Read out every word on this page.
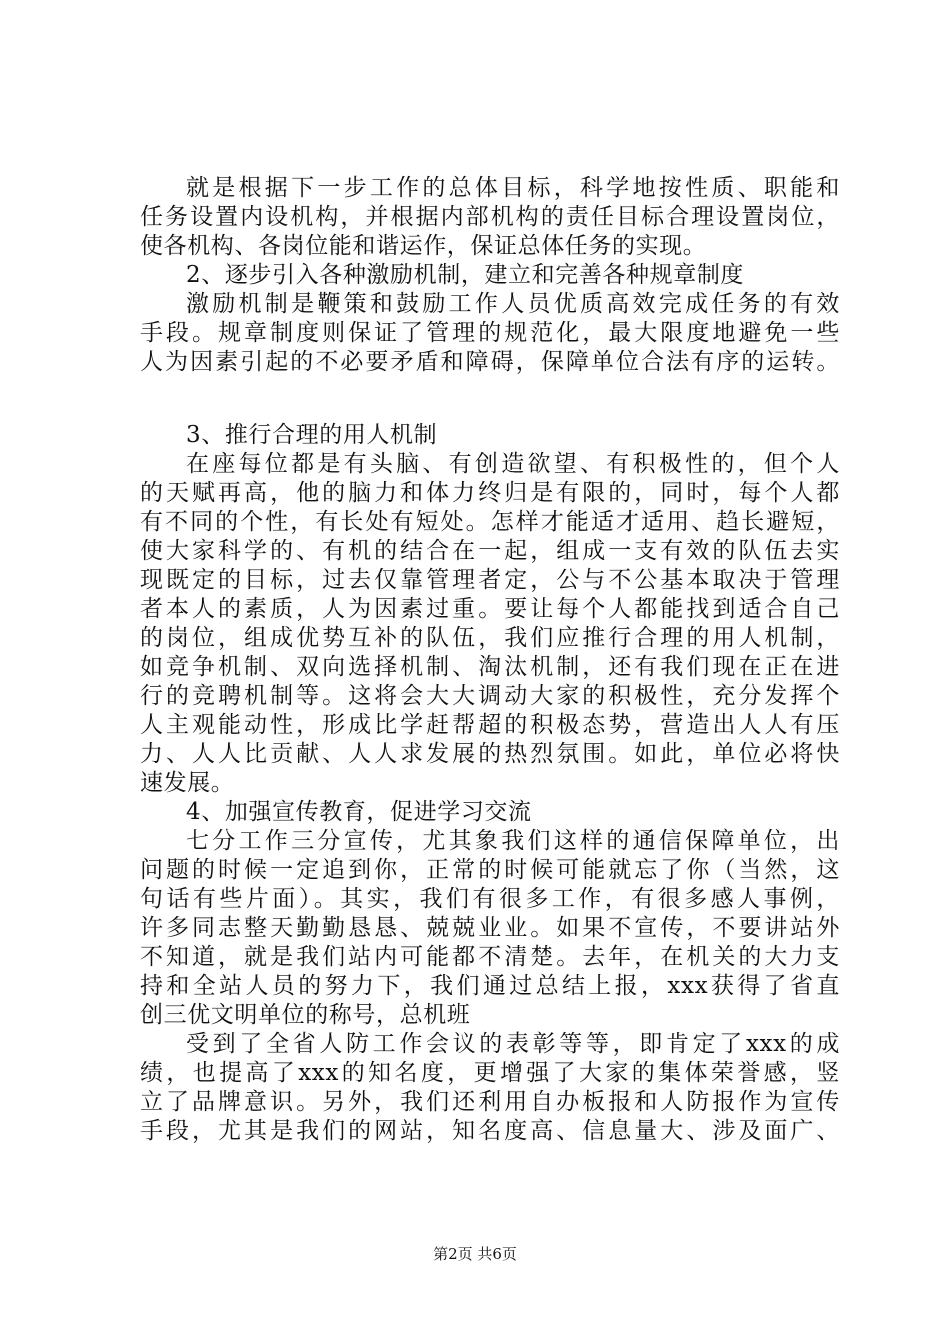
就是根据下一步工作的总体目标，科学地按性质、职能和
任务设置内设机构，并根据内部机构的责任目标合理设置岗位，
使各机构、各岗位能和谐运作，保证总体任务的实现。
2、逐步引入各种激励机制，建立和完善各种规章制度
激励机制是鞭策和鼓励工作人员优质高效完成任务的有效
手段。规章制度则保证了管理的规范化，最大限度地避免一些
人为因素引起的不必要矛盾和障碍，保障单位合法有序的运转。
3、推行合理的用人机制
在座每位都是有头脑、有创造欲望、有积极性的，但个人
的天赋再高，他的脑力和体力终归是有限的，同时，每个人都
有不同的个性，有长处有短处。怎样才能适才适用、趋长避短，
使大家科学的、有机的结合在一起，组成一支有效的队伍去实
现既定的目标，过去仅靠管理者定，公与不公基本取决于管理
者本人的素质，人为因素过重。要让每个人都能找到适合自己
的岗位，组成优势互补的队伍，我们应推行合理的用人机制，
如竞争机制、双向选择机制、淘汰机制，还有我们现在正在进
行的竞聘机制等。这将会大大调动大家的积极性，充分发挥个
人主观能动性，形成比学赶帮超的积极态势，营造出人人有压
力、人人比贡献、人人求发展的热烈氛围。如此，单位必将快
速发展。
4、加强宣传教育，促进学习交流
七分工作三分宣传，尤其象我们这样的通信保障单位，出
问题的时候一定追到你，正常的时候可能就忘了你（当然，这
句话有些片面）。其实，我们有很多工作，有很多感人事例，
许多同志整天勤勤恳恳、兢兢业业。如果不宣传，不要讲站外
不知道，就是我们站内可能都不清楚。去年，在机关的大力支
持和全站人员的努力下，我们通过总结上报，xxx获得了省直
创三优文明单位的称号，总机班
受到了全省人防工作会议的表彰等等，即肯定了xxx的成
绩，也提高了xxx的知名度，更增强了大家的集体荣誉感，竖
立了品牌意识。另外，我们还利用自办板报和人防报作为宣传
手段，尤其是我们的网站，知名度高、信息量大、涉及面广、
第2页 共6页
